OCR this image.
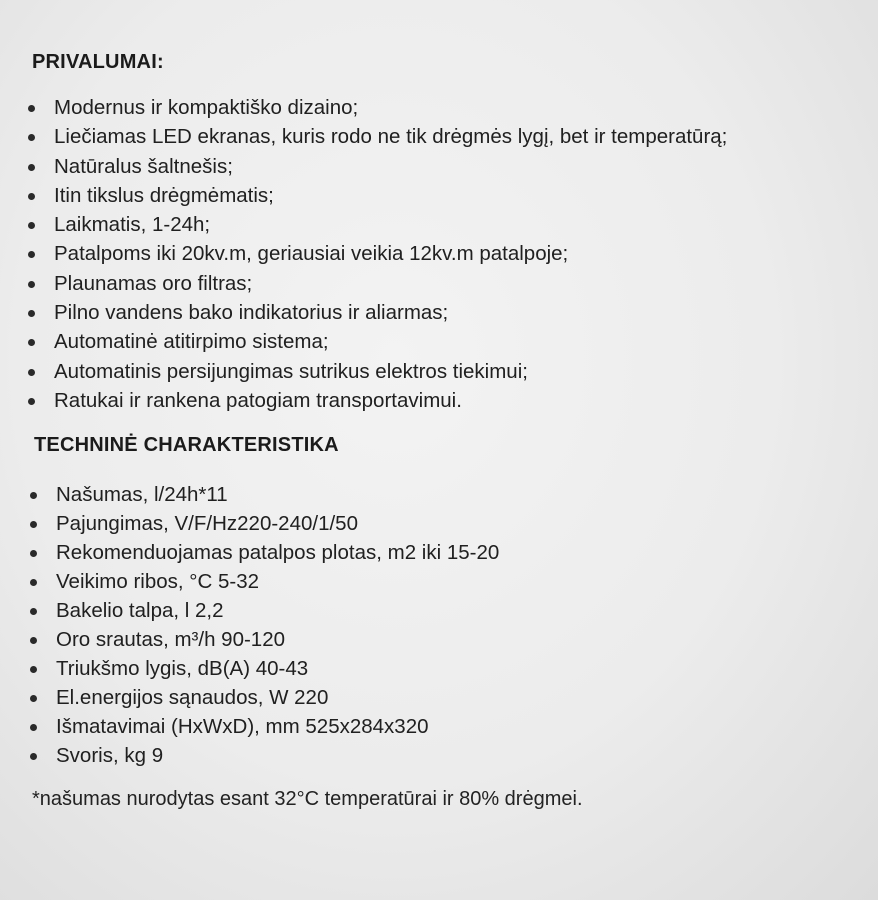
PRIVALUMAI:
Modernus ir kompaktiško dizaino;
Liečiamas LED ekranas, kuris rodo ne tik drėgmės lygį, bet ir temperatūrą;
Natūralus šaltnešis;
Itin tikslus drėgmėmatis;
Laikmatis, 1-24h;
Patalpoms iki 20kv.m, geriausiai veikia 12kv.m patalpoje;
Plaunamas oro filtras;
Pilno vandens bako indikatorius ir aliarmas;
Automatinė atitirpimo sistema;
Automatinis persijungimas sutrikus elektros tiekimui;
Ratukai ir rankena patogiam transportavimui.
TECHNINĖ CHARAKTERISTIKA
Našumas, l/24h*11
Pajungimas, V/F/Hz220-240/1/50
Rekomenduojamas patalpos plotas, m2 iki 15-20
Veikimo ribos, °C 5-32
Bakelio talpa, l 2,2
Oro srautas, m³/h 90-120
Triukšmo lygis, dB(A) 40-43
El.energijos sąnaudos, W 220
Išmatavimai (HxWxD), mm 525x284x320
Svoris, kg 9
*našumas nurodytas esant 32°C temperatūrai ir 80% drėgmei.
